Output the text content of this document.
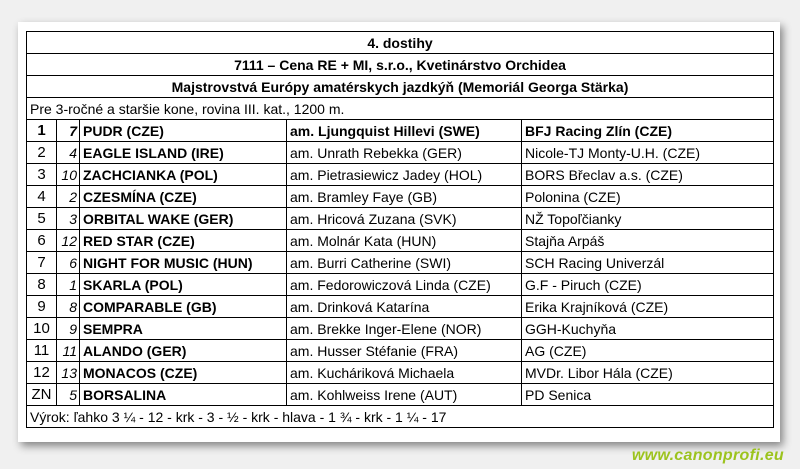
4. dostihy				
7111 – Cena RE + MI, s.r.o., Kvetinárstvo Orchidea				
Majstrovstvá Európy amatérskych jazdkýň (Memoriál Georga Stärka)				
Pre 3-ročné a staršie kone, rovina III. kat., 1200 m.				
1	7	PUDR (CZE)	am. Ljungquist Hillevi (SWE)	BFJ Racing Zlín (CZE)
2	4	EAGLE ISLAND (IRE)	am. Unrath Rebekka (GER)	Nicole-TJ Monty-U.H. (CZE)
3	10	ZACHCIANKA (POL)	am. Pietrasiewicz Jadey (HOL)	BORS Břeclav a.s. (CZE)
4	2	CZESMÍNA (CZE)	am. Bramley Faye (GB)	Polonina (CZE)
5	3	ORBITAL WAKE (GER)	am. Hricová Zuzana (SVK)	NŽ Topoľčianky
6	12	RED STAR (CZE)	am. Molnár Kata (HUN)	Stajňa Arpáš
7	6	NIGHT FOR MUSIC (HUN)	am. Burri Catherine (SWI)	SCH Racing Univerzál
8	1	SKARLA (POL)	am. Fedorowiczová Linda (CZE)	G.F - Piruch (CZE)
9	8	COMPARABLE (GB)	am. Drinková Katarína	Erika Krajníková (CZE)
10	9	SEMPRA	am. Brekke Inger-Elene (NOR)	GGH-Kuchyňa
11	11	ALANDO (GER)	am. Husser Stéfanie (FRA)	AG (CZE)
12	13	MONACOS (CZE)	am. Kucháriková Michaela	MVDr. Libor Hála (CZE)
ZN	5	BORSALINA	am. Kohlweiss Irene (AUT)	PD Senica
Výrok: ľahko 3 ¼ - 12 - krk - 3 - ½ - krk - hlava - 1 ¾ - krk - 1 ¼ - 17				
www.canonprofi.eu
